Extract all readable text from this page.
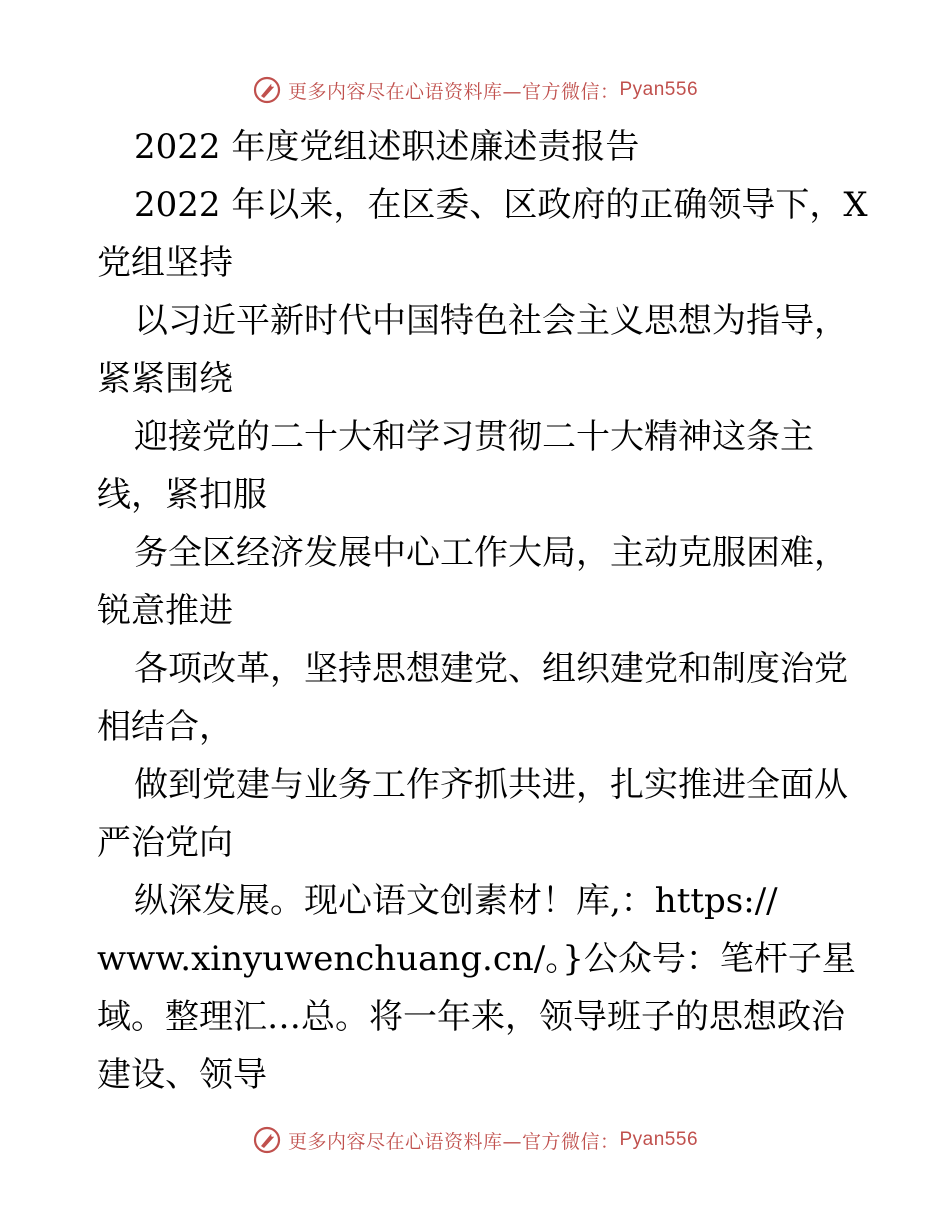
更多内容尽在心语资料库—官方微信： Pyan556
2022 年度党组述职述廉述责报告
2022 年以来，在区委、区政府的正确领导下，X
党组坚持
以习近平新时代中国特色社会主义思想为指导，
紧紧围绕
迎接党的二十大和学习贯彻二十大精神这条主
线，紧扣服
务全区经济发展中心工作大局，主动克服困难，
锐意推进
各项改革，坚持思想建党、组织建党和制度治党
相结合，
做到党建与业务工作齐抓共进，扎实推进全面从
严治党向
纵深发展。现心语文创素材！库,：https://
www.xinyuwenchuang.cn/。}公众号：笔杆子星
域。整理汇…总。将一年来，领导班子的思想政治
建设、领导
更多内容尽在心语资料库—官方微信： Pyan556
